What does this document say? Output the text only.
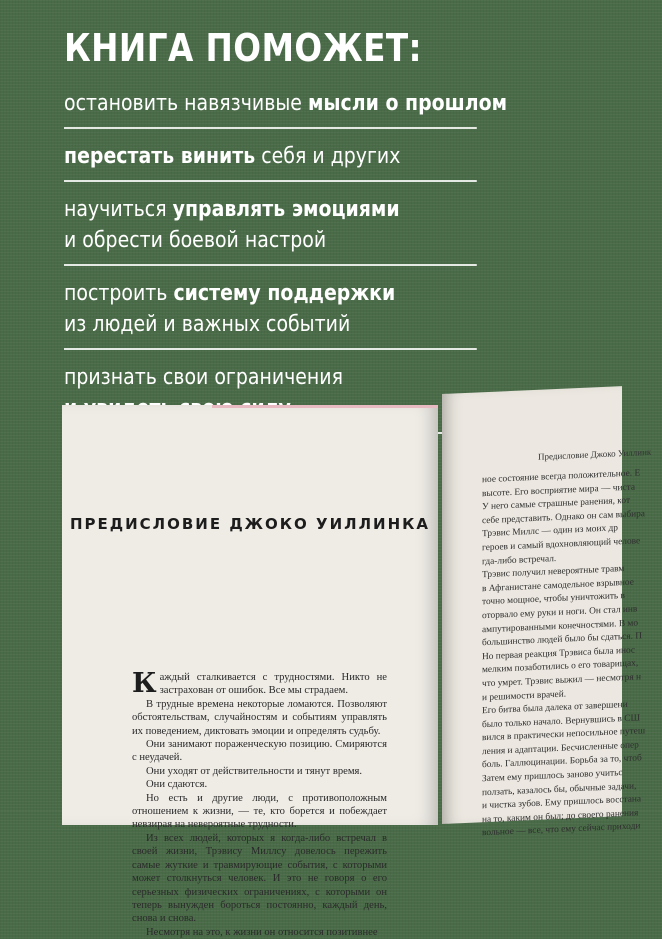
КНИГА ПОМОЖЕТ:
остановить навязчивые мысли о прошлом
перестать винить себя и других
научиться управлять эмоциями
и обрести боевой настрой
построить системy поддержки
из людей и важных событий
признать свои ограничения
ПРЕДИСЛОВИЕ ДЖОКО УИЛЛИНКА

Каждый сталкивается с трудностями. Никто не застрахован от ошибок. Все мы страдаем.

В трудные времена некоторые ломаются. Позволяют обстоятельствам, случайностям и событиям управлять их поведением, диктовать эмоции и определять судьбу.

Они занимают пораженческую позицию. Смиряются с неудачей.

Они уходят от действительности и тянут время.

Они сдаются.

Но есть и другие люди, с противоположным отношением к жизни, — те, кто борется и побеждает невзирая на невероятные трудности.

Из всех людей, которых я когда-либо встречал в своей жизни, Трэвису Миллсу довелось пережить самые жуткие и травмирующие события, с которыми может столкнуться человек. И это не говоря о его серьезных физических ограничениях, с которыми он теперь вынужден бороться постоянно, каждый день, снова и снова.

Несмотря на это, к жизни он относится позитивнее

Предисловие Джоко Уиллинк
ное состояние всегда положительное. Е
высоте. Его восприятие мира — чиста
У него самые страшные ранения, кот
себе представить. Однако он сам выбира
Трэвис Миллс — один из моих др
героев и самый вдохновляющий челове
гда-либо встречал.
Трэвис получил невероятные травм
в Афганистане самодельное взрывное
точно мощное, чтобы уничтожить в
оторвало ему руки и ноги. Он стал инв
ампутированными конечностями. В мо
большинство людей было бы сдаться. П
Но первая реакция Трэвиса была инос
мелким позаботились о его товарищах,
что умрет. Трэвис выжил — несмотря н
и решимости врачей.
Его битва была далека от завершени
было только начало. Вернувшись в СШ
вился в практически непосильное путеш
ления и адаптации. Бесчисленные опер
боль. Галлюцинации. Борьба за то, чтоб
Затем ему пришлось заново учитьс
ползать, казалось бы, обычные задачи,
и чистка зубов. Ему пришлось восстана
на то, каким он был; до своего ранения
вольное — все, что ему сейчас приходи
